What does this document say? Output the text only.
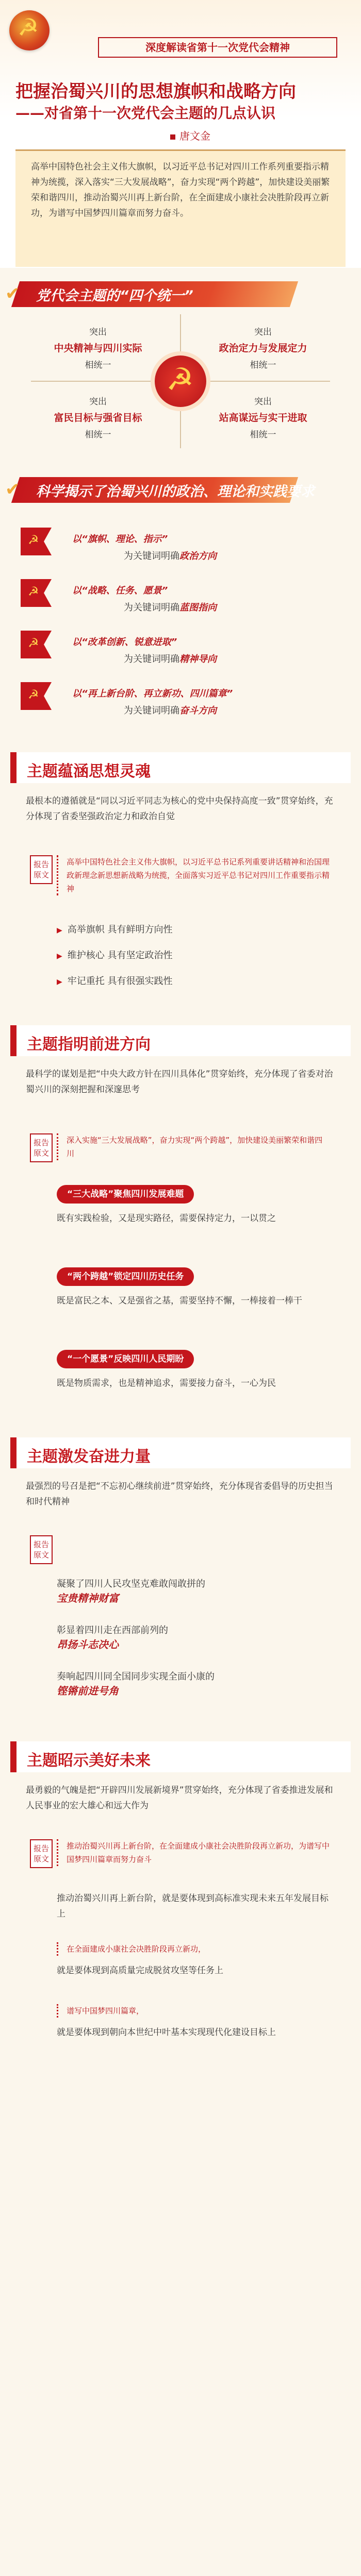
☭
深度解读省第十一次党代会精神
把握治蜀兴川的思想旗帜和战略方向
——对省第十一次党代会主题的几点认识
唐文金

高举中国特色社会主义伟大旗帜，以习近平总书记对四川工作系列重要指示精神为统揽，深入落实“三大发展战略”，奋力实现“两个跨越”，加快建设美丽繁荣和谐四川，推动治蜀兴川再上新台阶，在全面建成小康社会决胜阶段再立新功，为谱写中国梦四川篇章而努力奋斗。

✔ 党代会主题的“四个统一”
突出
中央精神与四川实际
相统一
突出
政治定力与发展定力
相统一
突出
富民目标与强省目标
相统一
突出
站高谋远与实干进取
相统一
☭
✔ 科学揭示了治蜀兴川的政治、理论和实践要求
☭
以“旗帜、理论、指示”
为关键词明确政治方向
☭
以“战略、任务、愿景”
为关键词明确蓝图指向
☭
以“改革创新、锐意进取”
为关键词明确精神导向
☭
以“再上新台阶、再立新功、四川篇章”
为关键词明确奋斗方向
主题蕴涵思想灵魂
最根本的遵循就是“同以习近平同志为核心的党中央保持高度一致”贯穿始终，充分体现了省委坚强政治定力和政治自觉
报告原文
高举中国特色社会主义伟大旗帜，以习近平总书记系列重要讲话精神和治国理政新理念新思想新战略为统揽，全面落实习近平总书记对四川工作重要指示精神
▶ 高举旗帜 具有鲜明方向性
▶ 维护核心 具有坚定政治性
▶ 牢记重托 具有很强实践性
主题指明前进方向
最科学的谋划是把“中央大政方针在四川具体化”贯穿始终，充分体现了省委对治蜀兴川的深刻把握和深邃思考
报告原文
深入实施“三大发展战略”，奋力实现“两个跨越”，加快建设美丽繁荣和谐四川
“三大战略”聚焦四川发展难题
既有实践检验，又是现实路径，需要保持定力，一以贯之
“两个跨越”锁定四川历史任务
既是富民之本、又是强省之基，需要坚持不懈，一棒接着一棒干
“一个愿景”反映四川人民期盼
既是物质需求，也是精神追求，需要接力奋斗，一心为民
主题激发奋进力量
最强烈的号召是把“不忘初心继续前进”贯穿始终，充分体现省委倡导的历史担当和时代精神
报告原文
凝聚了四川人民攻坚克难敢闯敢拼的
宝贵精神财富
彰显着四川走在西部前列的
昂扬斗志决心
奏响起四川同全国同步实现全面小康的
铿锵前进号角
主题昭示美好未来
最勇毅的气魄是把“开辟四川发展新境界”贯穿始终，充分体现了省委推进发展和人民事业的宏大雄心和远大作为
报告原文
推动治蜀兴川再上新台阶，在全面建成小康社会决胜阶段再立新功，为谱写中国梦四川篇章而努力奋斗
推动治蜀兴川再上新台阶，就是要体现到高标准实现未来五年发展目标上
在全面建成小康社会决胜阶段再立新功，
就是要体现到高质量完成脱贫攻坚等任务上
谱写中国梦四川篇章，
就是要体现到朝向本世纪中叶基本实现现代化建设目标上
